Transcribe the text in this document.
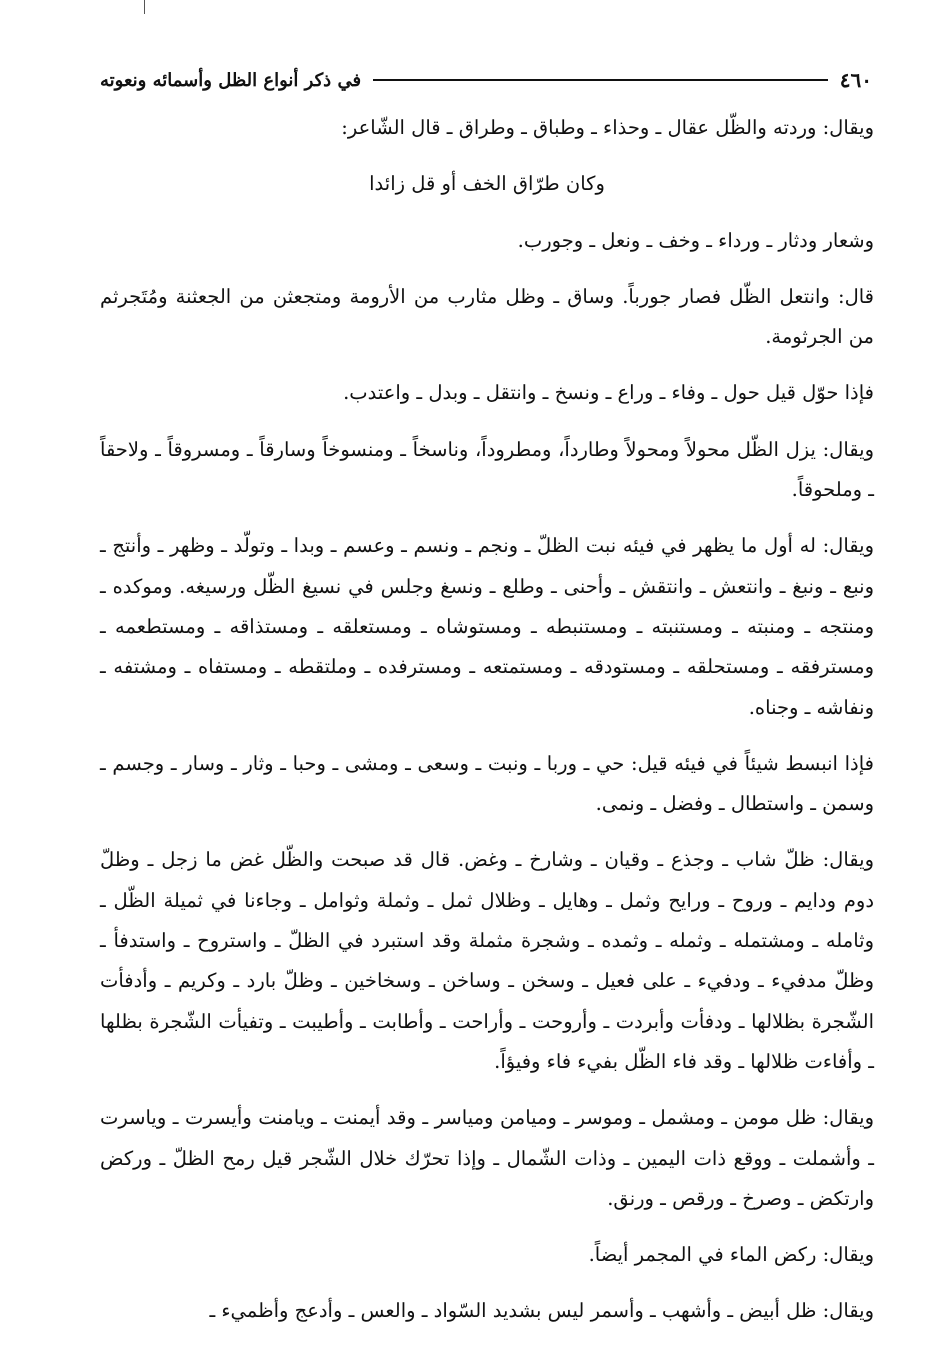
٤٦٠
في ذكر أنواع الظل وأسمائه ونعوته

ويقال: وردته والظّل عقال ـ وحذاء ـ وطباق ـ وطراق ـ قال الشّاعر:

وكان طرّاق الخف أو قل زائدا

وشعار ودثار ـ ورداء ـ وخف ـ ونعل ـ وجورب.

قال: وانتعل الظّل فصار جورباً. وساق ـ وظل مثارب من الأرومة ومتجعثن من الجعثنة ومُتَجرثم من الجرثومة.

فإذا حوّل قيل حول ـ وفاء ـ وراع ـ ونسخ ـ وانتقل ـ وبدل ـ واعتدب.

ويقال: يزل الظّل محولاً ومحولاً وطارداً، ومطروداً، وناسخاً ـ ومنسوخاً وسارقاً ـ ومسروقاً ـ ولاحقاً ـ وملحوقاً.

ويقال: له أول ما يظهر في فيئه نبت الظلّ ـ ونجم ـ ونسم ـ وعسم ـ وبدا ـ وتولّد ـ وظهر ـ وأنتج ـ ونبع ـ ونبغ ـ وانتعش ـ وانتقش ـ وأحنى ـ وطلع ـ ونسغ وجلس في نسيغ الظّل ورسيغه. وموكده ـ ومنتجه ـ ومنبته ـ ومستنبته ـ ومستنبطه ـ ومستوشاه ـ ومستعلقه ـ ومستذاقه ـ ومستطعمه ـ ومسترفقه ـ ومستحلقه ـ ومستودقه ـ ومستمتعه ـ ومسترفده ـ وملتقطه ـ ومستفاه ـ ومشتفه ـ ونفاشه ـ وجناه.

فإذا انبسط شيئاً في فيئه قيل: حي ـ وربا ـ ونبت ـ وسعى ـ ومشى ـ وحبا ـ وثار ـ وسار ـ وجسم ـ وسمن ـ واستطال ـ وفضل ـ ونمى.

ويقال: ظلّ شاب ـ وجذع ـ وقيان ـ وشارخ ـ وغض. قال قد صبحت والظّل غض ما زجل ـ وظلّ دوم ودايم ـ وروح ـ ورايح وثمل ـ وهايل ـ وظلال ثمل ـ وثملة وثوامل ـ وجاءنا في ثميلة الظّل ـ وثامله ـ ومشتمله ـ وثمله ـ وثمده ـ وشجرة مثملة وقد استبرد في الظلّ ـ واستروح ـ واستدفأ ـ وظلّ مدفيء ـ ودفيء ـ على فعيل ـ وسخن ـ وساخن ـ وسخاخين ـ وظلّ بارد ـ وكريم ـ وأدفأت الشّجرة بظلالها ـ ودفأت وأبردت ـ وأروحت ـ وأراحت ـ وأطابت ـ وأطيبت ـ وتفيأت الشّجرة بظلها ـ وأفاءت ظلالها ـ وقد فاء الظّل بفيء فاء وفيؤاً.

ويقال: ظل مومن ـ ومشمل ـ وموسر ـ وميامن ومياسر ـ وقد أيمنت ـ ويامنت وأيسرت ـ وياسرت ـ وأشملت ـ ووقع ذات اليمين ـ وذات الشّمال ـ وإذا تحرّك خلال الشّجر قيل رمح الظلّ ـ وركض وارتكض ـ وصرخ ـ ورقص ـ ورنق.

ويقال: ركض الماء في المجمر أيضاً.

ويقال: ظل أبيض ـ وأشهب ـ وأسمر ليس بشديد السّواد ـ والعس ـ وأدعج وأظميء ـ
